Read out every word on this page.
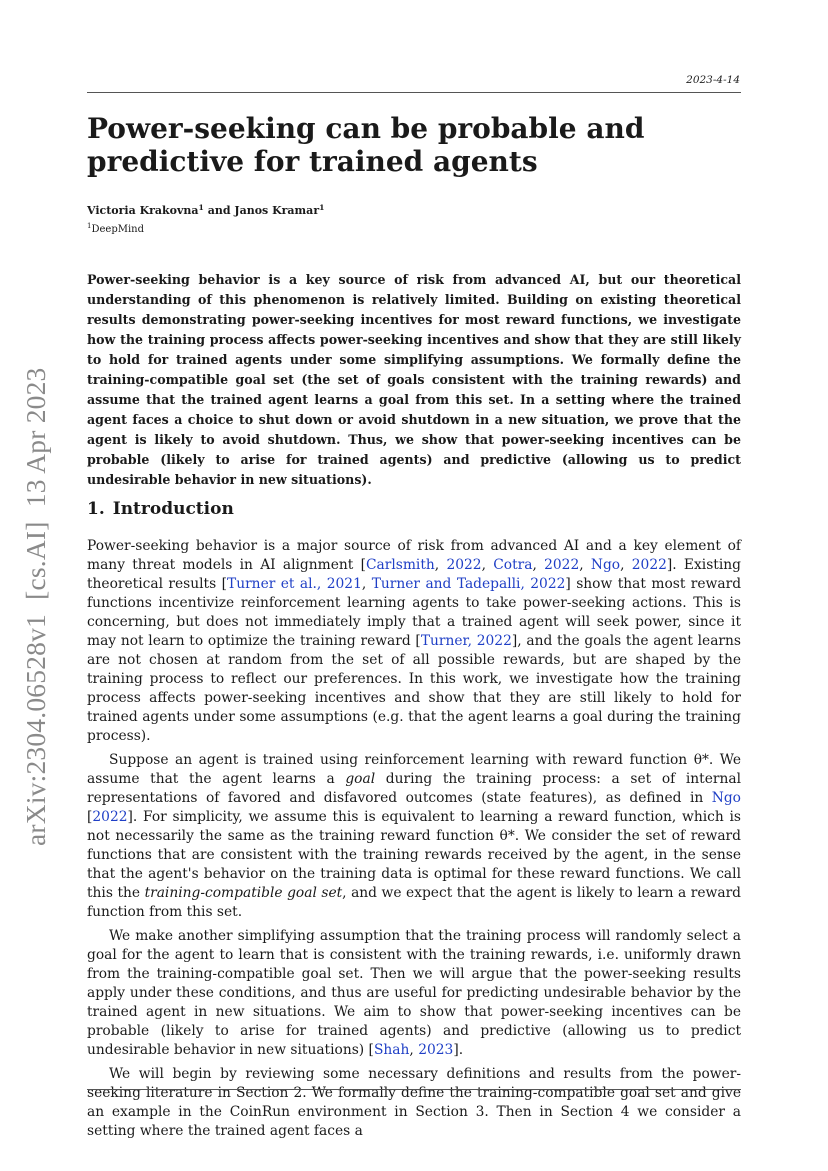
2023-4-14
arXiv:2304.06528v1  [cs.AI]  13 Apr 2023
Power-seeking can be probable and predictive for trained agents
Victoria Krakovna$^1$ and Janos Kramar$^1$
$^1$DeepMind

Power-seeking behavior is a key source of risk from advanced AI, but our theoretical understanding of this phenomenon is relatively limited. Building on existing theoretical results demonstrating power-seeking incentives for most reward functions, we investigate how the training process affects power-seeking incentives and show that they are still likely to hold for trained agents under some simplifying assumptions. We formally define the training-compatible goal set (the set of goals consistent with the training rewards) and assume that the trained agent learns a goal from this set. In a setting where the trained agent faces a choice to shut down or avoid shutdown in a new situation, we prove that the agent is likely to avoid shutdown. Thus, we show that power-seeking incentives can be probable (likely to arise for trained agents) and predictive (allowing us to predict undesirable behavior in new situations).

1. Introduction

Power-seeking behavior is a major source of risk from advanced AI and a key element of many threat models in AI alignment [Carlsmith, 2022, Cotra, 2022, Ngo, 2022]. Existing theoretical results [Turner et al., 2021, Turner and Tadepalli, 2022] show that most reward functions incentivize reinforcement learning agents to take power-seeking actions. This is concerning, but does not immediately imply that a trained agent will seek power, since it may not learn to optimize the training reward [Turner, 2022], and the goals the agent learns are not chosen at random from the set of all possible rewards, but are shaped by the training process to reflect our preferences. In this work, we investigate how the training process affects power-seeking incentives and show that they are still likely to hold for trained agents under some assumptions (e.g. that the agent learns a goal during the training process).

Suppose an agent is trained using reinforcement learning with reward function θ*. We assume that the agent learns a goal during the training process: a set of internal representations of favored and disfavored outcomes (state features), as defined in Ngo [2022]. For simplicity, we assume this is equivalent to learning a reward function, which is not necessarily the same as the training reward function θ*. We consider the set of reward functions that are consistent with the training rewards received by the agent, in the sense that the agent's behavior on the training data is optimal for these reward functions. We call this the training-compatible goal set, and we expect that the agent is likely to learn a reward function from this set.

We make another simplifying assumption that the training process will randomly select a goal for the agent to learn that is consistent with the training rewards, i.e. uniformly drawn from the training-compatible goal set. Then we will argue that the power-seeking results apply under these conditions, and thus are useful for predicting undesirable behavior by the trained agent in new situations. We aim to show that power-seeking incentives can be probable (likely to arise for trained agents) and predictive (allowing us to predict undesirable behavior in new situations) [Shah, 2023].

We will begin by reviewing some necessary definitions and results from the power-seeking literature in Section 2. We formally define the training-compatible goal set and give an example in the CoinRun environment in Section 3. Then in Section 4 we consider a setting where the trained agent faces a
